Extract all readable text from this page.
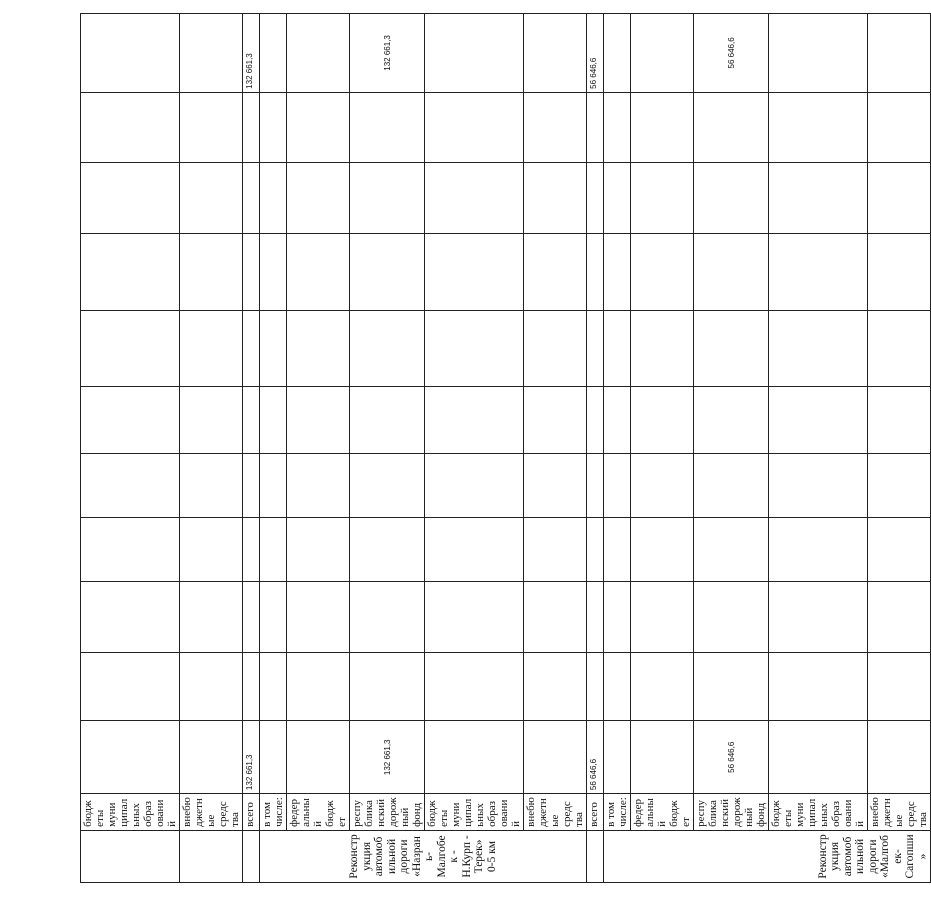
	бюджеты муниципальных образований											
	внебюджетные средства											
	всего	132 661,3										132 661,3
Реконструкция автомобильной дороги «Назрань-Малгобек - Н.Курп - Терек» 0-5 км	в том числе:											
	федеральный бюджет											
	республиканский дорожный фонд	132 661,3										132 661,3
	бюджеты муниципальных образований											
	внебюджетные средства											
	всего	56 646,6										56 646,6
Реконструкция автомобильной дороги «Малгобек-Сагопши»	в том числе:											
	федеральный бюджет											
	республиканский дорожный фонд	56 646,6										56 646,6
	бюджеты муниципальных образований											
	внебюджетные средства											
